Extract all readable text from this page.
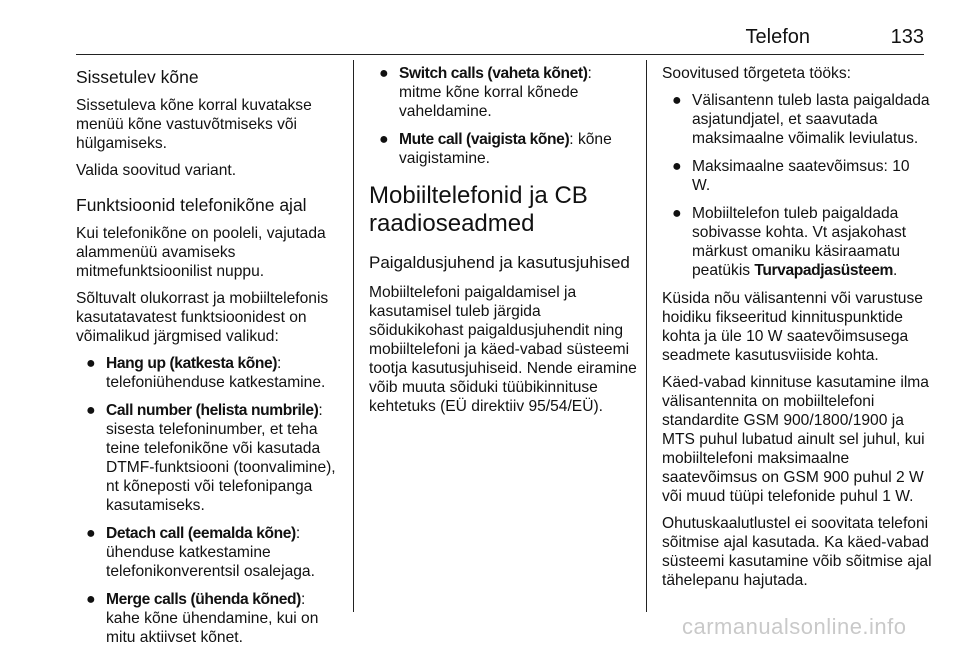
Telefon	133
Sissetulev kõne

Sissetuleva kõne korral kuvatakse menüü kõne vastuvõtmiseks või hülgamiseks.

Valida soovitud variant.

Funktsioonid telefonikõne ajal

Kui telefonikõne on pooleli, vajutada alammenüü avamiseks mitmefunktsioonilist nuppu.

Sõltuvalt olukorrast ja mobiiltelefonis kasutatavatest funktsioonidest on võimalikud järgmised valikud:

● Hang up (katkesta kõne):
telefoniühenduse katkestamine.
● Call number (helista numbrile):
sisesta telefoninumber, et teha teine telefonikõne või kasutada DTMF-funktsiooni (toonvalimine), nt kõneposti või telefonipanga kasutamiseks.
● Detach call (eemalda kõne):
ühenduse katkestamine telefonikonverentsil osalejaga.
● Merge calls (ühenda kõned):
kahe kõne ühendamine, kui on mitu aktiivset kõnet.
● Switch calls (vaheta kõnet):
mitme kõne korral kõnede vaheldamine.
● Mute call (vaigista kõne): kõne vaigistamine.
Mobiiltelefonid ja CB raadioseadmed
Paigaldusjuhend ja kasutusjuhised

Mobiiltelefoni paigaldamisel ja kasutamisel tuleb järgida sõidukikohast paigaldusjuhendit ning mobiiltelefoni ja käed-vabad süsteemi tootja kasutusjuhiseid. Nende eiramine võib muuta sõiduki tüübikinnituse kehtetuks (EÜ direktiiv 95/54/EÜ).

Soovitused tõrgeteta tööks:

● Välisantenn tuleb lasta paigaldada asjatundjatel, et saavutada maksimaalne võimalik leviulatus.
● Maksimaalne saatevõimsus: 10 W.
● Mobiiltelefon tuleb paigaldada sobivasse kohta. Vt asjakohast märkust omaniku käsiraamatu peatükis Turvapadjasüsteem.

Küsida nõu välisantenni või varustuse hoidiku fikseeritud kinnituspunktide kohta ja üle 10 W saatevõimsusega seadmete kasutusviiside kohta.

Käed-vabad kinnituse kasutamine ilma välisantennita on mobiiltelefoni standardite GSM 900/1800/1900 ja MTS puhul lubatud ainult sel juhul, kui mobiiltelefoni maksimaalne saatevõimsus on GSM 900 puhul 2 W või muud tüüpi telefonide puhul 1 W.

Ohutuskaalutlustel ei soovitata telefoni sõitmise ajal kasutada. Ka käed-vabad süsteemi kasutamine võib sõitmise ajal tähelepanu hajutada.

carmanualsonline.info
